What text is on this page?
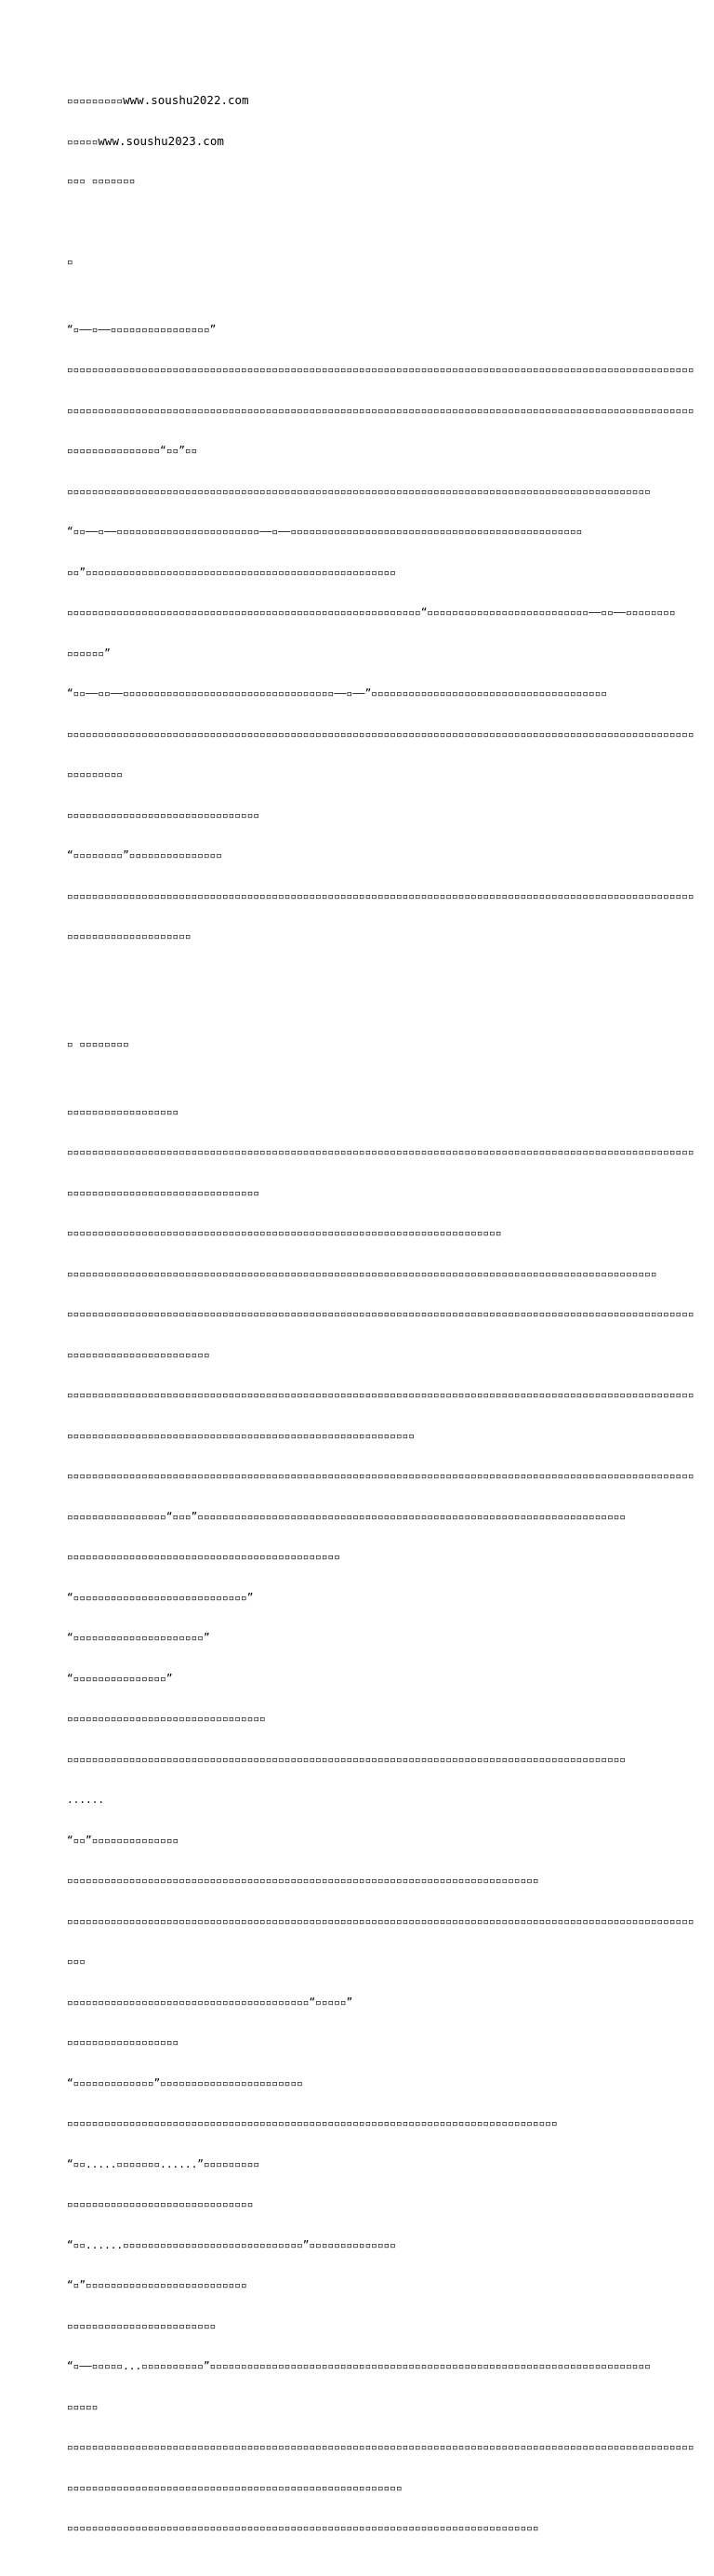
▫▫▫▫▫▫▫▫▫www.soushu2022.com

▫▫▫▫▫www.soushu2023.com

▫▫▫ ▫▫▫▫▫▫▫

▫

“▫——▫——▫▫▫▫▫▫▫▫▫▫▫▫▫▫▫▫”

▫▫▫▫▫▫▫▫▫▫▫▫▫▫▫▫▫▫▫▫▫▫▫▫▫▫▫▫▫▫▫▫▫▫▫▫▫▫▫▫▫▫▫▫▫▫▫▫▫▫▫▫▫▫▫▫▫▫▫▫▫▫▫▫▫▫▫▫▫▫▫▫▫▫▫▫▫▫▫▫▫▫▫▫▫▫▫▫▫▫▫▫▫▫▫▫▫▫▫▫▫

▫▫▫▫▫▫▫▫▫▫▫▫▫▫▫▫▫▫▫▫▫▫▫▫▫▫▫▫▫▫▫▫▫▫▫▫▫▫▫▫▫▫▫▫▫▫▫▫▫▫▫▫▫▫▫▫▫▫▫▫▫▫▫▫▫▫▫▫▫▫▫▫▫▫▫▫▫▫▫▫▫▫▫▫▫▫▫▫▫▫▫▫▫▫▫▫▫▫▫▫▫

▫▫▫▫▫▫▫▫▫▫▫▫▫▫▫“▫▫”▫▫

▫▫▫▫▫▫▫▫▫▫▫▫▫▫▫▫▫▫▫▫▫▫▫▫▫▫▫▫▫▫▫▫▫▫▫▫▫▫▫▫▫▫▫▫▫▫▫▫▫▫▫▫▫▫▫▫▫▫▫▫▫▫▫▫▫▫▫▫▫▫▫▫▫▫▫▫▫▫▫▫▫▫▫▫▫▫▫▫▫▫▫▫▫▫

“▫▫——▫——▫▫▫▫▫▫▫▫▫▫▫▫▫▫▫▫▫▫▫▫▫▫▫——▫——▫▫▫▫▫▫▫▫▫▫▫▫▫▫▫▫▫▫▫▫▫▫▫▫▫▫▫▫▫▫▫▫▫▫▫▫▫▫▫▫▫▫▫▫▫▫▫

▫▫”▫▫▫▫▫▫▫▫▫▫▫▫▫▫▫▫▫▫▫▫▫▫▫▫▫▫▫▫▫▫▫▫▫▫▫▫▫▫▫▫▫▫▫▫▫▫▫▫▫▫

▫▫▫▫▫▫▫▫▫▫▫▫▫▫▫▫▫▫▫▫▫▫▫▫▫▫▫▫▫▫▫▫▫▫▫▫▫▫▫▫▫▫▫▫▫▫▫▫▫▫▫▫▫▫▫▫▫“▫▫▫▫▫▫▫▫▫▫▫▫▫▫▫▫▫▫▫▫▫▫▫▫▫▫——▫▫——▫▫▫▫▫▫▫▫

▫▫▫▫▫▫”

“▫▫——▫▫——▫▫▫▫▫▫▫▫▫▫▫▫▫▫▫▫▫▫▫▫▫▫▫▫▫▫▫▫▫▫▫▫▫▫——▫——”▫▫▫▫▫▫▫▫▫▫▫▫▫▫▫▫▫▫▫▫▫▫▫▫▫▫▫▫▫▫▫▫▫▫▫▫▫▫

▫▫▫▫▫▫▫▫▫▫▫▫▫▫▫▫▫▫▫▫▫▫▫▫▫▫▫▫▫▫▫▫▫▫▫▫▫▫▫▫▫▫▫▫▫▫▫▫▫▫▫▫▫▫▫▫▫▫▫▫▫▫▫▫▫▫▫▫▫▫▫▫▫▫▫▫▫▫▫▫▫▫▫▫▫▫▫▫▫▫▫▫▫▫▫▫▫▫▫▫▫

▫▫▫▫▫▫▫▫▫

▫▫▫▫▫▫▫▫▫▫▫▫▫▫▫▫▫▫▫▫▫▫▫▫▫▫▫▫▫▫▫

“▫▫▫▫▫▫▫▫”▫▫▫▫▫▫▫▫▫▫▫▫▫▫▫

▫▫▫▫▫▫▫▫▫▫▫▫▫▫▫▫▫▫▫▫▫▫▫▫▫▫▫▫▫▫▫▫▫▫▫▫▫▫▫▫▫▫▫▫▫▫▫▫▫▫▫▫▫▫▫▫▫▫▫▫▫▫▫▫▫▫▫▫▫▫▫▫▫▫▫▫▫▫▫▫▫▫▫▫▫▫▫▫▫▫▫▫▫▫▫▫▫▫▫▫▫

▫▫▫▫▫▫▫▫▫▫▫▫▫▫▫▫▫▫▫▫

▫ ▫▫▫▫▫▫▫▫

▫▫▫▫▫▫▫▫▫▫▫▫▫▫▫▫▫▫

▫▫▫▫▫▫▫▫▫▫▫▫▫▫▫▫▫▫▫▫▫▫▫▫▫▫▫▫▫▫▫▫▫▫▫▫▫▫▫▫▫▫▫▫▫▫▫▫▫▫▫▫▫▫▫▫▫▫▫▫▫▫▫▫▫▫▫▫▫▫▫▫▫▫▫▫▫▫▫▫▫▫▫▫▫▫▫▫▫▫▫▫▫▫▫▫▫▫▫▫▫

▫▫▫▫▫▫▫▫▫▫▫▫▫▫▫▫▫▫▫▫▫▫▫▫▫▫▫▫▫▫▫

▫▫▫▫▫▫▫▫▫▫▫▫▫▫▫▫▫▫▫▫▫▫▫▫▫▫▫▫▫▫▫▫▫▫▫▫▫▫▫▫▫▫▫▫▫▫▫▫▫▫▫▫▫▫▫▫▫▫▫▫▫▫▫▫▫▫▫▫▫▫

▫▫▫▫▫▫▫▫▫▫▫▫▫▫▫▫▫▫▫▫▫▫▫▫▫▫▫▫▫▫▫▫▫▫▫▫▫▫▫▫▫▫▫▫▫▫▫▫▫▫▫▫▫▫▫▫▫▫▫▫▫▫▫▫▫▫▫▫▫▫▫▫▫▫▫▫▫▫▫▫▫▫▫▫▫▫▫▫▫▫▫▫▫▫▫

▫▫▫▫▫▫▫▫▫▫▫▫▫▫▫▫▫▫▫▫▫▫▫▫▫▫▫▫▫▫▫▫▫▫▫▫▫▫▫▫▫▫▫▫▫▫▫▫▫▫▫▫▫▫▫▫▫▫▫▫▫▫▫▫▫▫▫▫▫▫▫▫▫▫▫▫▫▫▫▫▫▫▫▫▫▫▫▫▫▫▫▫▫▫▫▫▫▫▫▫▫

▫▫▫▫▫▫▫▫▫▫▫▫▫▫▫▫▫▫▫▫▫▫▫

▫▫▫▫▫▫▫▫▫▫▫▫▫▫▫▫▫▫▫▫▫▫▫▫▫▫▫▫▫▫▫▫▫▫▫▫▫▫▫▫▫▫▫▫▫▫▫▫▫▫▫▫▫▫▫▫▫▫▫▫▫▫▫▫▫▫▫▫▫▫▫▫▫▫▫▫▫▫▫▫▫▫▫▫▫▫▫▫▫▫▫▫▫▫▫▫▫▫▫▫▫

▫▫▫▫▫▫▫▫▫▫▫▫▫▫▫▫▫▫▫▫▫▫▫▫▫▫▫▫▫▫▫▫▫▫▫▫▫▫▫▫▫▫▫▫▫▫▫▫▫▫▫▫▫▫▫▫

▫▫▫▫▫▫▫▫▫▫▫▫▫▫▫▫▫▫▫▫▫▫▫▫▫▫▫▫▫▫▫▫▫▫▫▫▫▫▫▫▫▫▫▫▫▫▫▫▫▫▫▫▫▫▫▫▫▫▫▫▫▫▫▫▫▫▫▫▫▫▫▫▫▫▫▫▫▫▫▫▫▫▫▫▫▫▫▫▫▫▫▫▫▫▫▫▫▫▫▫▫

▫▫▫▫▫▫▫▫▫▫▫▫▫▫▫▫“▫▫▫”▫▫▫▫▫▫▫▫▫▫▫▫▫▫▫▫▫▫▫▫▫▫▫▫▫▫▫▫▫▫▫▫▫▫▫▫▫▫▫▫▫▫▫▫▫▫▫▫▫▫▫▫▫▫▫▫▫▫▫▫▫▫▫▫▫▫▫▫▫

▫▫▫▫▫▫▫▫▫▫▫▫▫▫▫▫▫▫▫▫▫▫▫▫▫▫▫▫▫▫▫▫▫▫▫▫▫▫▫▫▫▫▫▫

“▫▫▫▫▫▫▫▫▫▫▫▫▫▫▫▫▫▫▫▫▫▫▫▫▫▫▫▫”

“▫▫▫▫▫▫▫▫▫▫▫▫▫▫▫▫▫▫▫▫▫”

“▫▫▫▫▫▫▫▫▫▫▫▫▫▫▫”

▫▫▫▫▫▫▫▫▫▫▫▫▫▫▫▫▫▫▫▫▫▫▫▫▫▫▫▫▫▫▫▫

▫▫▫▫▫▫▫▫▫▫▫▫▫▫▫▫▫▫▫▫▫▫▫▫▫▫▫▫▫▫▫▫▫▫▫▫▫▫▫▫▫▫▫▫▫▫▫▫▫▫▫▫▫▫▫▫▫▫▫▫▫▫▫▫▫▫▫▫▫▫▫▫▫▫▫▫▫▫▫▫▫▫▫▫▫▫▫▫▫▫

......

“▫▫”▫▫▫▫▫▫▫▫▫▫▫▫▫▫

▫▫▫▫▫▫▫▫▫▫▫▫▫▫▫▫▫▫▫▫▫▫▫▫▫▫▫▫▫▫▫▫▫▫▫▫▫▫▫▫▫▫▫▫▫▫▫▫▫▫▫▫▫▫▫▫▫▫▫▫▫▫▫▫▫▫▫▫▫▫▫▫▫▫▫▫

▫▫▫▫▫▫▫▫▫▫▫▫▫▫▫▫▫▫▫▫▫▫▫▫▫▫▫▫▫▫▫▫▫▫▫▫▫▫▫▫▫▫▫▫▫▫▫▫▫▫▫▫▫▫▫▫▫▫▫▫▫▫▫▫▫▫▫▫▫▫▫▫▫▫▫▫▫▫▫▫▫▫▫▫▫▫▫▫▫▫▫▫▫▫▫▫▫▫▫▫▫

▫▫▫

▫▫▫▫▫▫▫▫▫▫▫▫▫▫▫▫▫▫▫▫▫▫▫▫▫▫▫▫▫▫▫▫▫▫▫▫▫▫▫“▫▫▫▫▫”

▫▫▫▫▫▫▫▫▫▫▫▫▫▫▫▫▫▫

“▫▫▫▫▫▫▫▫▫▫▫▫▫”▫▫▫▫▫▫▫▫▫▫▫▫▫▫▫▫▫▫▫▫▫▫▫

▫▫▫▫▫▫▫▫▫▫▫▫▫▫▫▫▫▫▫▫▫▫▫▫▫▫▫▫▫▫▫▫▫▫▫▫▫▫▫▫▫▫▫▫▫▫▫▫▫▫▫▫▫▫▫▫▫▫▫▫▫▫▫▫▫▫▫▫▫▫▫▫▫▫▫▫▫▫▫

“▫▫.....▫▫▫▫▫▫▫......”▫▫▫▫▫▫▫▫▫

▫▫▫▫▫▫▫▫▫▫▫▫▫▫▫▫▫▫▫▫▫▫▫▫▫▫▫▫▫▫

“▫▫......▫▫▫▫▫▫▫▫▫▫▫▫▫▫▫▫▫▫▫▫▫▫▫▫▫▫▫▫▫”▫▫▫▫▫▫▫▫▫▫▫▫▫▫

“▫”▫▫▫▫▫▫▫▫▫▫▫▫▫▫▫▫▫▫▫▫▫▫▫▫▫▫

▫▫▫▫▫▫▫▫▫▫▫▫▫▫▫▫▫▫▫▫▫▫▫▫

“▫——▫▫▫▫▫...▫▫▫▫▫▫▫▫▫▫”▫▫▫▫▫▫▫▫▫▫▫▫▫▫▫▫▫▫▫▫▫▫▫▫▫▫▫▫▫▫▫▫▫▫▫▫▫▫▫▫▫▫▫▫▫▫▫▫▫▫▫▫▫▫▫▫▫▫▫▫▫▫▫▫▫▫▫▫▫▫▫

▫▫▫▫▫

▫▫▫▫▫▫▫▫▫▫▫▫▫▫▫▫▫▫▫▫▫▫▫▫▫▫▫▫▫▫▫▫▫▫▫▫▫▫▫▫▫▫▫▫▫▫▫▫▫▫▫▫▫▫▫▫▫▫▫▫▫▫▫▫▫▫▫▫▫▫▫▫▫▫▫▫▫▫▫▫▫▫▫▫▫▫▫▫▫▫▫▫▫▫▫▫▫▫▫▫▫

▫▫▫▫▫▫▫▫▫▫▫▫▫▫▫▫▫▫▫▫▫▫▫▫▫▫▫▫▫▫▫▫▫▫▫▫▫▫▫▫▫▫▫▫▫▫▫▫▫▫▫▫▫▫

▫▫▫▫▫▫▫▫▫▫▫▫▫▫▫▫▫▫▫▫▫▫▫▫▫▫▫▫▫▫▫▫▫▫▫▫▫▫▫▫▫▫▫▫▫▫▫▫▫▫▫▫▫▫▫▫▫▫▫▫▫▫▫▫▫▫▫▫▫▫▫▫▫▫▫▫
